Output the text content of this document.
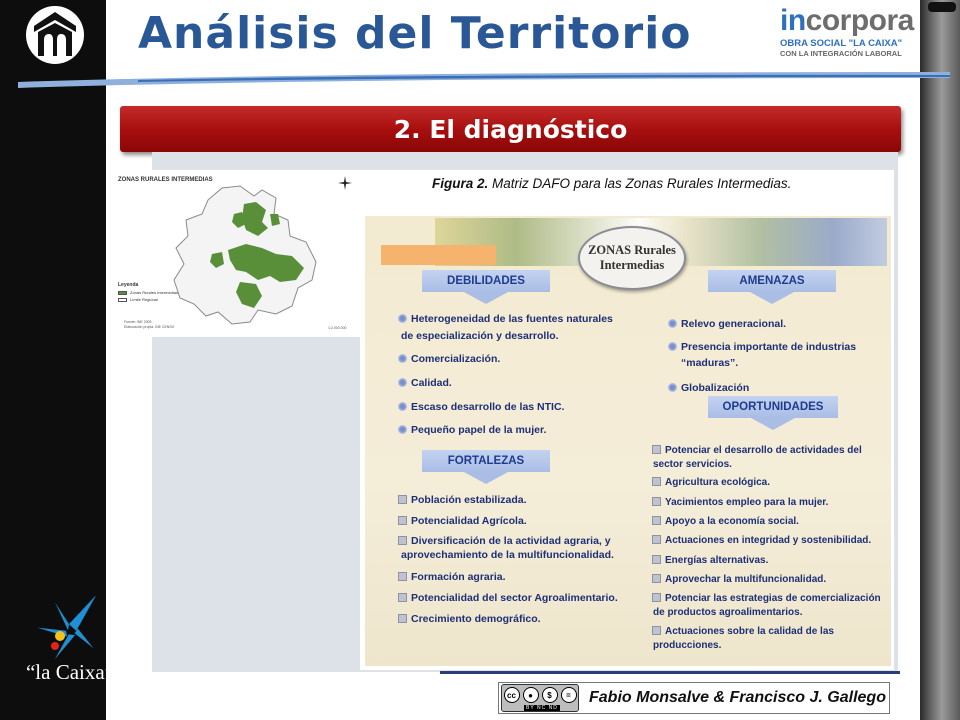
“la Caixa”
Análisis del Territorio	incorpora
OBRA SOCIAL "LA CAIXA"
CON LA INTEGRACIÓN LABORAL
2. El diagnóstico
ZONAS RURALES INTERMEDIAS
Leyenda
Zonas Rurales Intermedias
Límite Regional
Fuente: INE 2005
Elaboración propia. INE CENSO	1:2.000.000
Figura 2. Matriz DAFO para las Zonas Rurales Intermedias.
ZONAS Rurales
Intermedias
DEBILIDADES
Heterogeneidad de las fuentes naturales
de especialización y desarrollo.
Comercialización.
Calidad.
Escaso desarrollo de las NTIC.
Pequeño papel de la mujer.
AMENAZAS
Relevo generacional.
Presencia importante de industrias
“maduras”.
Globalización
OPORTUNIDADES
Potenciar el desarrollo de actividades del
sector servicios.
Agricultura ecológica.
Yacimientos empleo para la mujer.
Apoyo a la economía social.
Actuaciones en integridad y sostenibilidad.
Energías alternativas.
Aprovechar la multifuncionalidad.
Potenciar las estrategias de comercialización
de productos agroalimentarios.
Actuaciones sobre la calidad de las
producciones.
FORTALEZAS
Población estabilizada.
Potencialidad Agrícola.
Diversificación de la actividad agraria, y
aprovechamiento de la multifuncionalidad.
Formación agraria.
Potencialidad del sector Agroalimentario.
Crecimiento demográfico.
cc	●	$	=
BY NC ND
Fabio Monsalve & Francisco J. Gallego
